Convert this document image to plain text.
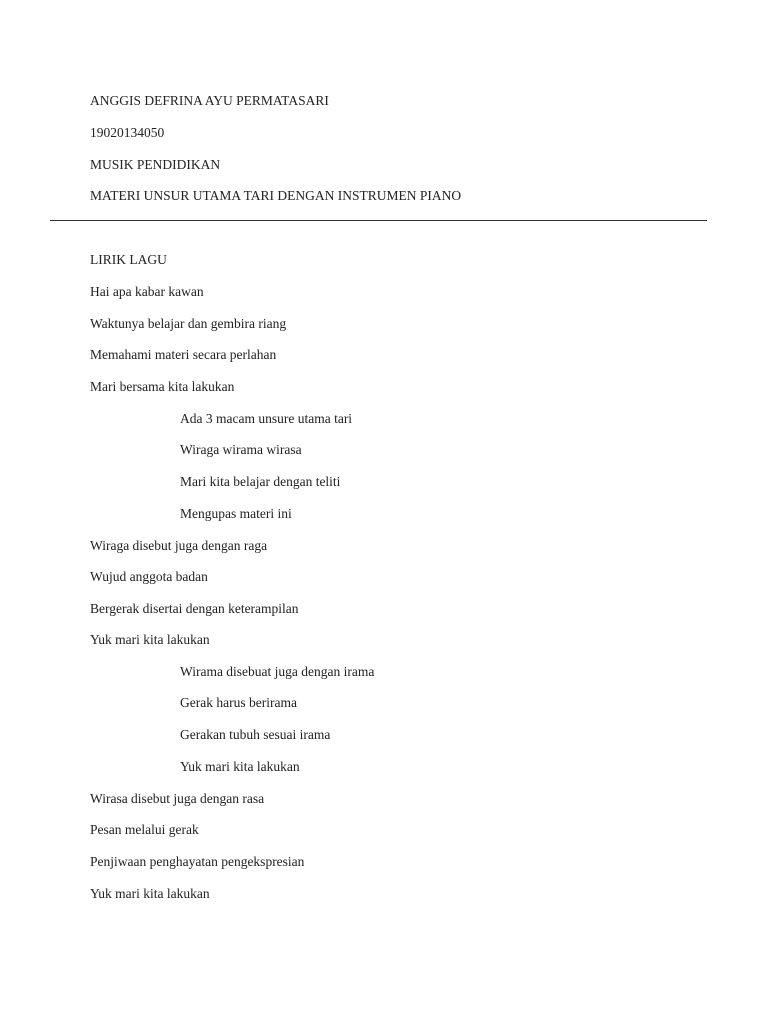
ANGGIS DEFRINA AYU PERMATASARI
19020134050
MUSIK PENDIDIKAN
MATERI UNSUR UTAMA TARI DENGAN INSTRUMEN PIANO
LIRIK LAGU
Hai apa kabar kawan
Waktunya belajar dan gembira riang
Memahami materi secara perlahan
Mari bersama kita lakukan
Ada 3 macam unsure utama tari
Wiraga wirama wirasa
Mari kita belajar dengan teliti
Mengupas materi ini
Wiraga disebut juga dengan raga
Wujud anggota badan
Bergerak disertai dengan keterampilan
Yuk mari kita lakukan
Wirama disebuat juga dengan irama
Gerak harus berirama
Gerakan tubuh sesuai irama
Yuk mari kita lakukan
Wirasa disebut juga dengan rasa
Pesan melalui gerak
Penjiwaan penghayatan pengekspresian
Yuk mari kita lakukan
